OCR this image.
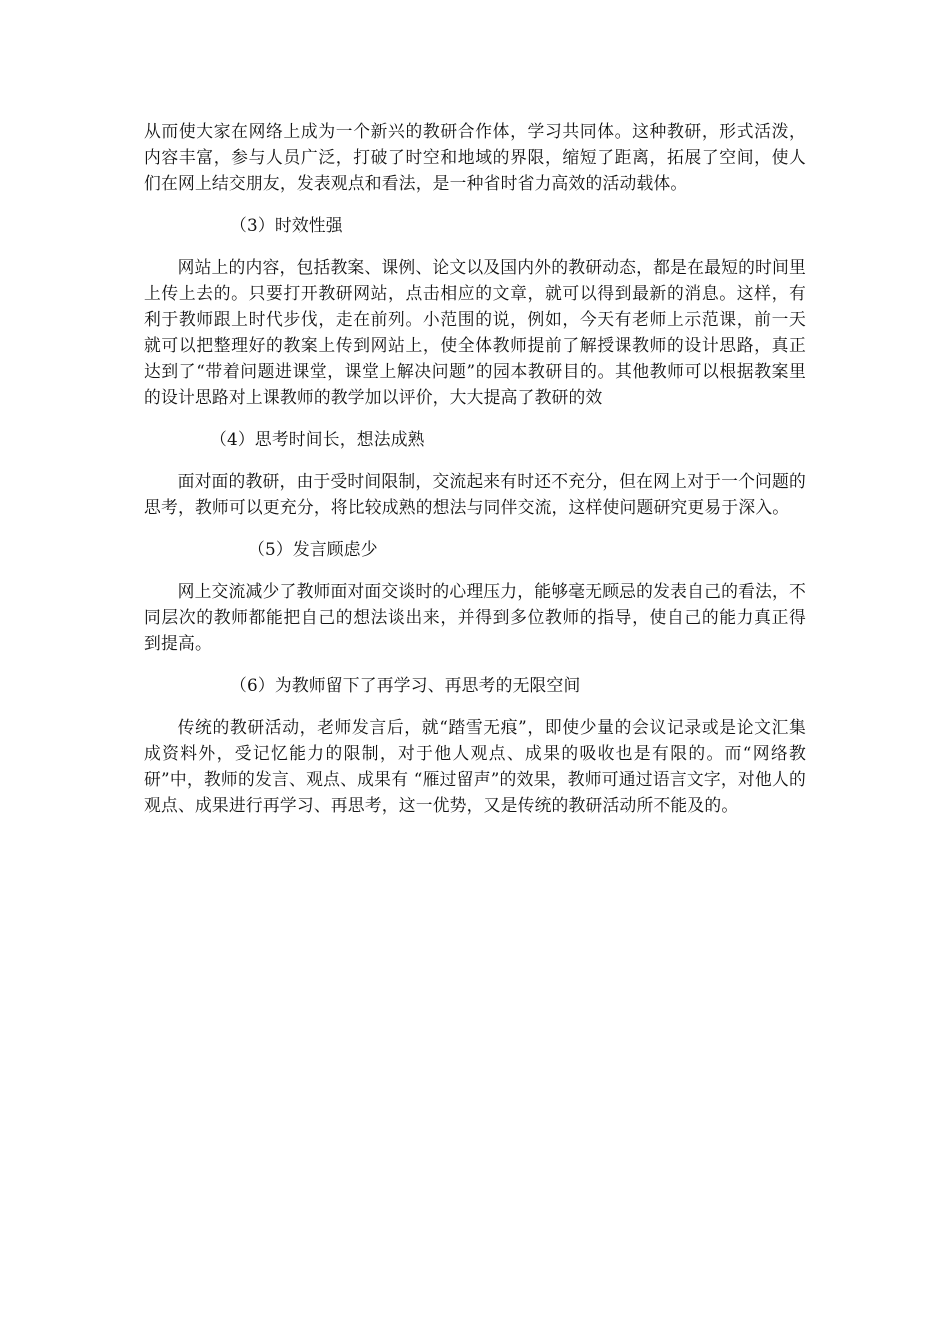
从而使大家在网络上成为一个新兴的教研合作体，学习共同体。这种教研，形式活泼，内容丰富，参与人员广泛，打破了时空和地域的界限，缩短了距离，拓展了空间，使人们在网上结交朋友，发表观点和看法，是一种省时省力高效的活动载体。

（3）时效性强

网站上的内容，包括教案、课例、论文以及国内外的教研动态，都是在最短的时间里上传上去的。只要打开教研网站，点击相应的文章，就可以得到最新的消息。这样，有利于教师跟上时代步伐，走在前列。小范围的说，例如，今天有老师上示范课，前一天就可以把整理好的教案上传到网站上，使全体教师提前了解授课教师的设计思路，真正达到了“带着问题进课堂，课堂上解决问题”的园本教研目的。其他教师可以根据教案里的设计思路对上课教师的教学加以评价，大大提高了教研的效

（4）思考时间长，想法成熟

面对面的教研，由于受时间限制，交流起来有时还不充分，但在网上对于一个问题的思考，教师可以更充分，将比较成熟的想法与同伴交流，这样使问题研究更易于深入。

（5）发言顾虑少

网上交流减少了教师面对面交谈时的心理压力，能够毫无顾忌的发表自己的看法，不同层次的教师都能把自己的想法谈出来，并得到多位教师的指导，使自己的能力真正得到提高。

（6）为教师留下了再学习、再思考的无限空间

传统的教研活动，老师发言后，就“踏雪无痕”，即使少量的会议记录或是论文汇集成资料外，受记忆能力的限制，对于他人观点、成果的吸收也是有限的。而“网络教研”中，教师的发言、观点、成果有 “雁过留声”的效果，教师可通过语言文字，对他人的观点、成果进行再学习、再思考，这一优势，又是传统的教研活动所不能及的。
